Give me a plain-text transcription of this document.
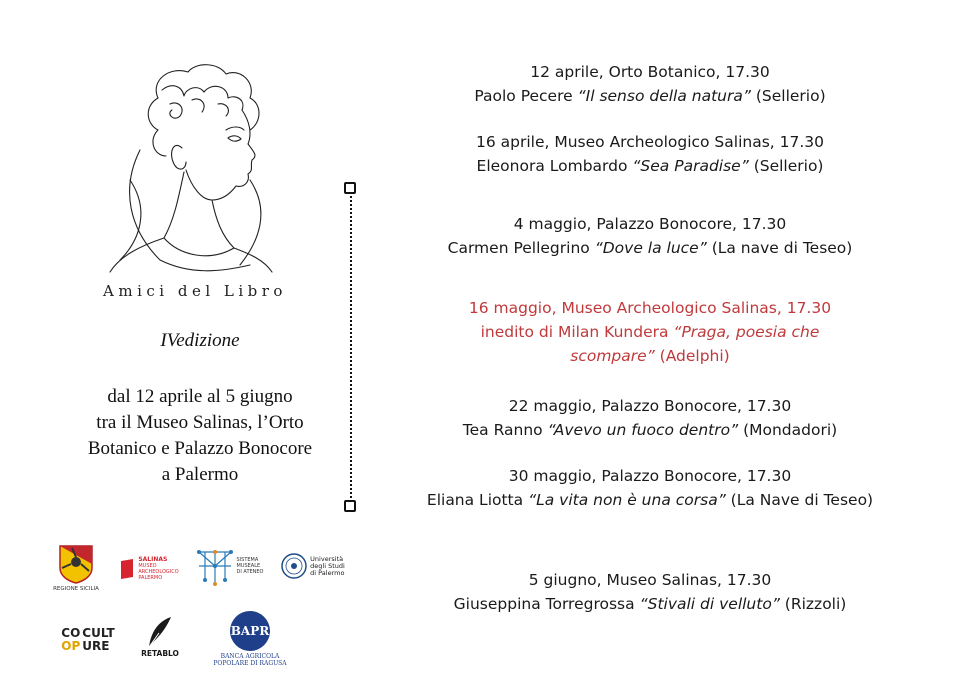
Amici del Libro
IVedizione
dal 12 aprile al 5 giugno
tra il Museo Salinas, l’Orto
Botanico e Palazzo Bonocore
a Palermo
12 aprile, Orto Botanico, 17.30
Paolo Pecere “Il senso della natura” (Sellerio)
16 aprile, Museo Archeologico Salinas, 17.30
Eleonora Lombardo “Sea Paradise” (Sellerio)
4 maggio, Palazzo Bonocore, 17.30
Carmen Pellegrino “Dove la luce” (La nave di Teseo)
16 maggio, Museo Archeologico Salinas, 17.30
inedito di Milan Kundera “Praga, poesia che scompare” (Adelphi)
22 maggio, Palazzo Bonocore, 17.30
Tea Ranno “Avevo un fuoco dentro” (Mondadori)
30 maggio, Palazzo Bonocore, 17.30
Eliana Liotta “La vita non è una corsa” (La Nave di Teseo)
5 giugno, Museo Salinas, 17.30
Giuseppina Torregrossa “Stivali di velluto” (Rizzoli)
REGIONE SICILIA
SALINAS
MUSEO
ARCHEOLOGICO
PALERMO
SISTEMA
MUSEALE
DI ATENEO
Università
degli Studi
di Palermo
CO CULT
OP URE	RETABLO
BAPR
BANCA AGRICOLA
POPOLARE DI RAGUSA
